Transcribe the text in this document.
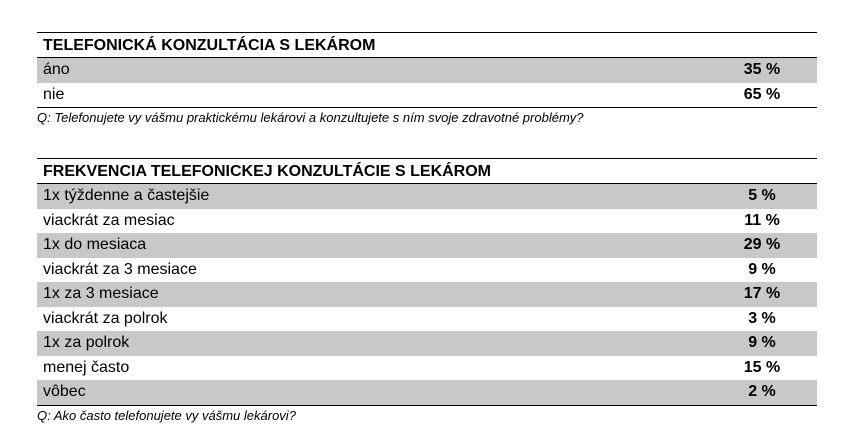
TELEFONICKÁ KONZULTÁCIA S LEKÁROM
áno	35 %
nie	65 %
Q: Telefonujete vy vášmu praktickému lekárovi a konzultujete s ním svoje zdravotné problémy?
FREKVENCIA TELEFONICKEJ KONZULTÁCIE S LEKÁROM
1x týždenne a častejšie	5 %
viackrát za mesiac	11 %
1x do mesiaca	29 %
viackrát za 3 mesiace	9 %
1x za 3 mesiace	17 %
viackrát za polrok	3 %
1x za polrok	9 %
menej často	15 %
vôbec	2 %
Q: Ako často telefonujete vy vášmu lekárovi?
